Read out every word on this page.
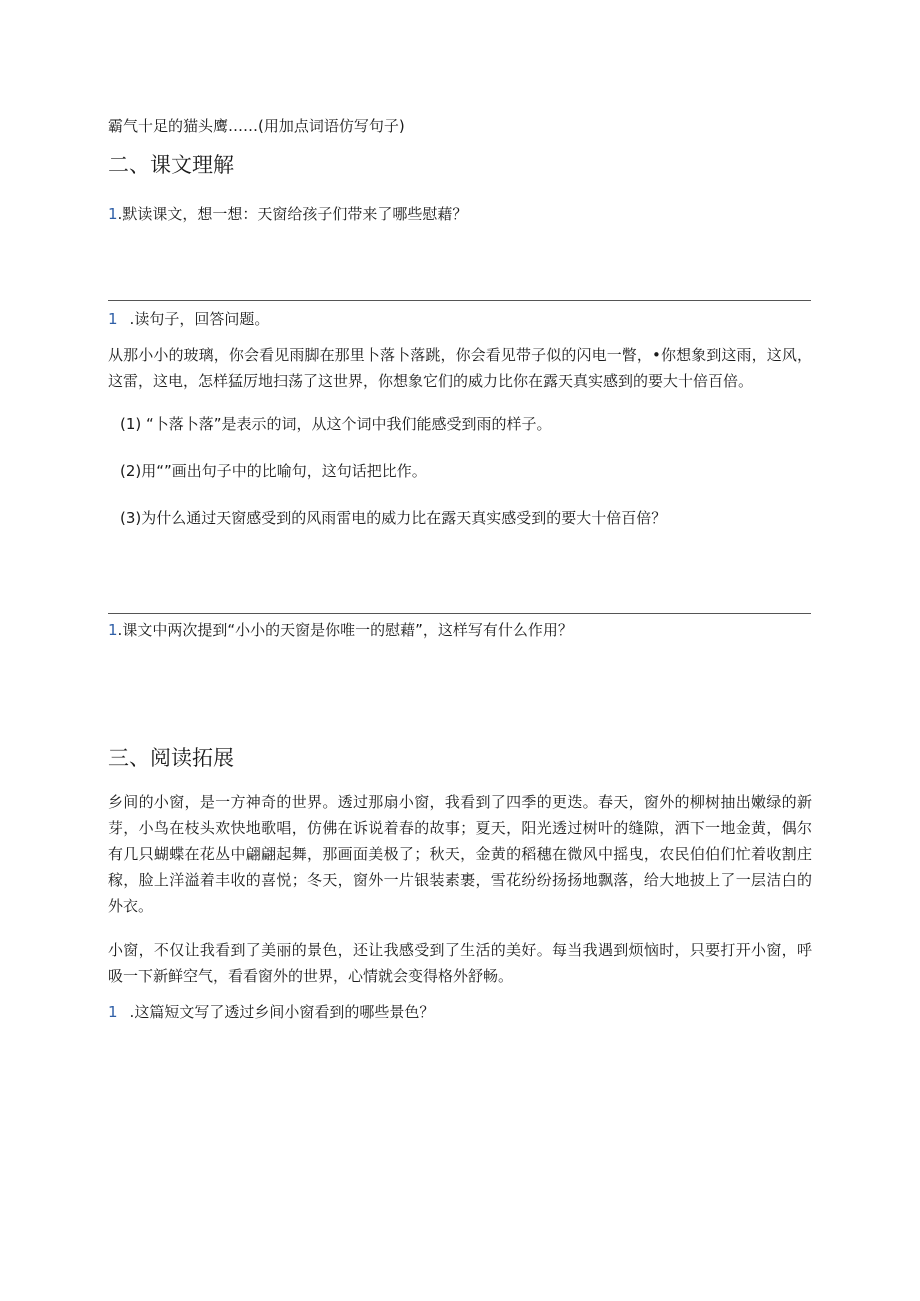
霸气十足的猫头鹰……(用加点词语仿写句子)
二、课文理解
1.默读课文，想一想：天窗给孩子们带来了哪些慰藉？
1 .读句子，回答问题。

从那小小的玻璃，你会看见雨脚在那里卜落卜落跳，你会看见带子似的闪电一瞥，•你想象到这雨，这风，这雷，这电，怎样猛厉地扫荡了这世界，你想象它们的威力比你在露天真实感到的要大十倍百倍。

(1) “卜落卜落”是表示的词，从这个词中我们能感受到雨的样子。
(2)用“”画出句子中的比喻句，这句话把比作。
(3)为什么通过天窗感受到的风雨雷电的威力比在露天真实感受到的要大十倍百倍？
1.课文中两次提到“小小的天窗是你唯一的慰藉”，这样写有什么作用？
三、阅读拓展

乡间的小窗，是一方神奇的世界。透过那扇小窗，我看到了四季的更迭。春天，窗外的柳树抽出嫩绿的新芽，小鸟在枝头欢快地歌唱，仿佛在诉说着春的故事；夏天，阳光透过树叶的缝隙，洒下一地金黄，偶尔有几只蝴蝶在花丛中翩翩起舞，那画面美极了；秋天，金黄的稻穗在微风中摇曳，农民伯伯们忙着收割庄稼，脸上洋溢着丰收的喜悦；冬天，窗外一片银装素裹，雪花纷纷扬扬地飘落，给大地披上了一层洁白的外衣。

小窗，不仅让我看到了美丽的景色，还让我感受到了生活的美好。每当我遇到烦恼时，只要打开小窗，呼吸一下新鲜空气，看看窗外的世界，心情就会变得格外舒畅。

1 .这篇短文写了透过乡间小窗看到的哪些景色？
